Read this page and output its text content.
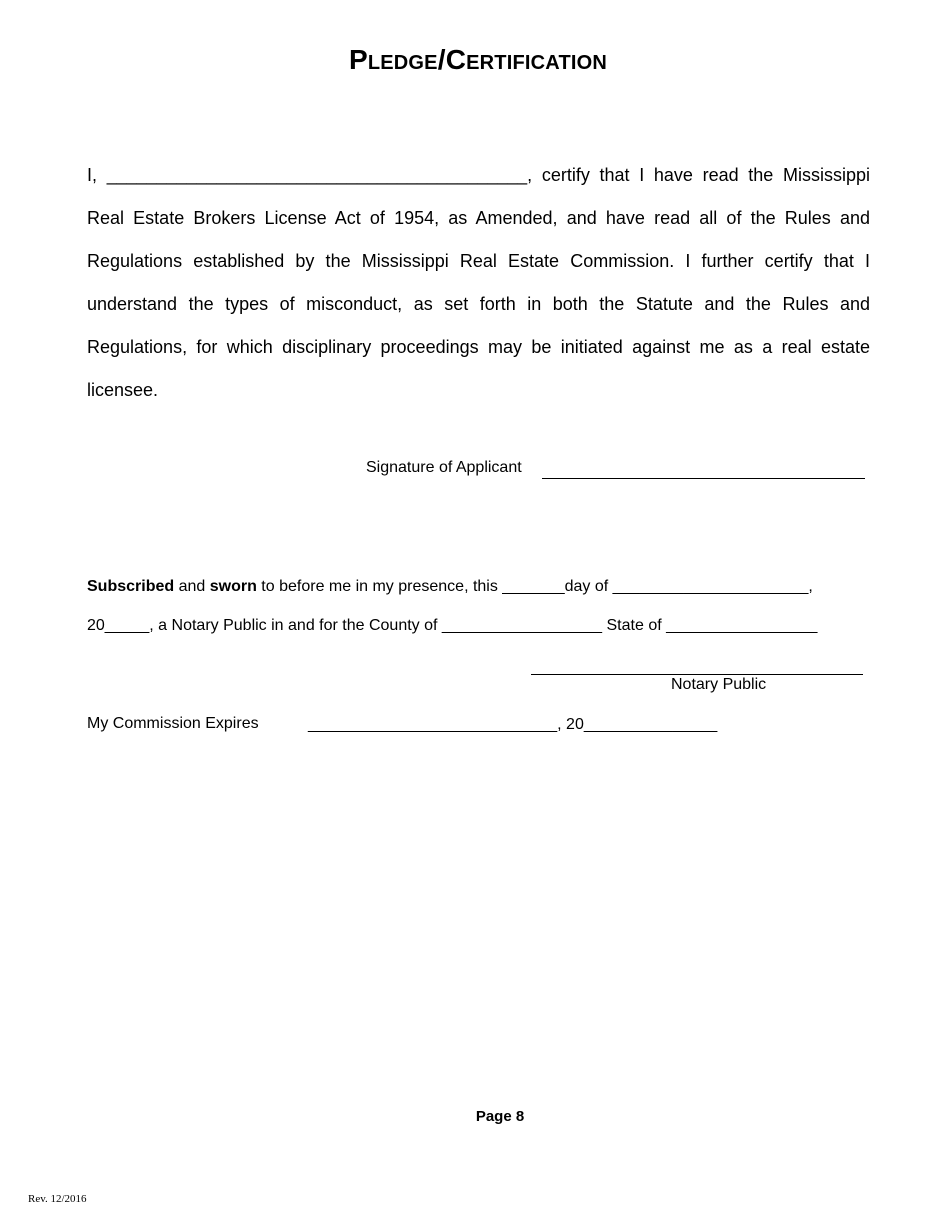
Pledge/Certification
I, __________________________________________, certify that I have read the Mississippi Real Estate Brokers License Act of 1954, as Amended, and have read all of the Rules and Regulations established by the Mississippi Real Estate Commission. I further certify that I understand the types of misconduct, as set forth in both the Statute and the Rules and Regulations, for which disciplinary proceedings may be initiated against me as a real estate licensee.
Signature of Applicant
Subscribed and sworn to before me in my presence, this _______day of ______________________,
20_____, a Notary Public in and for the County of __________________ State of _________________
Notary Public
My Commission Expires	____________________________, 20_______________
Page 8
Rev. 12/2016
